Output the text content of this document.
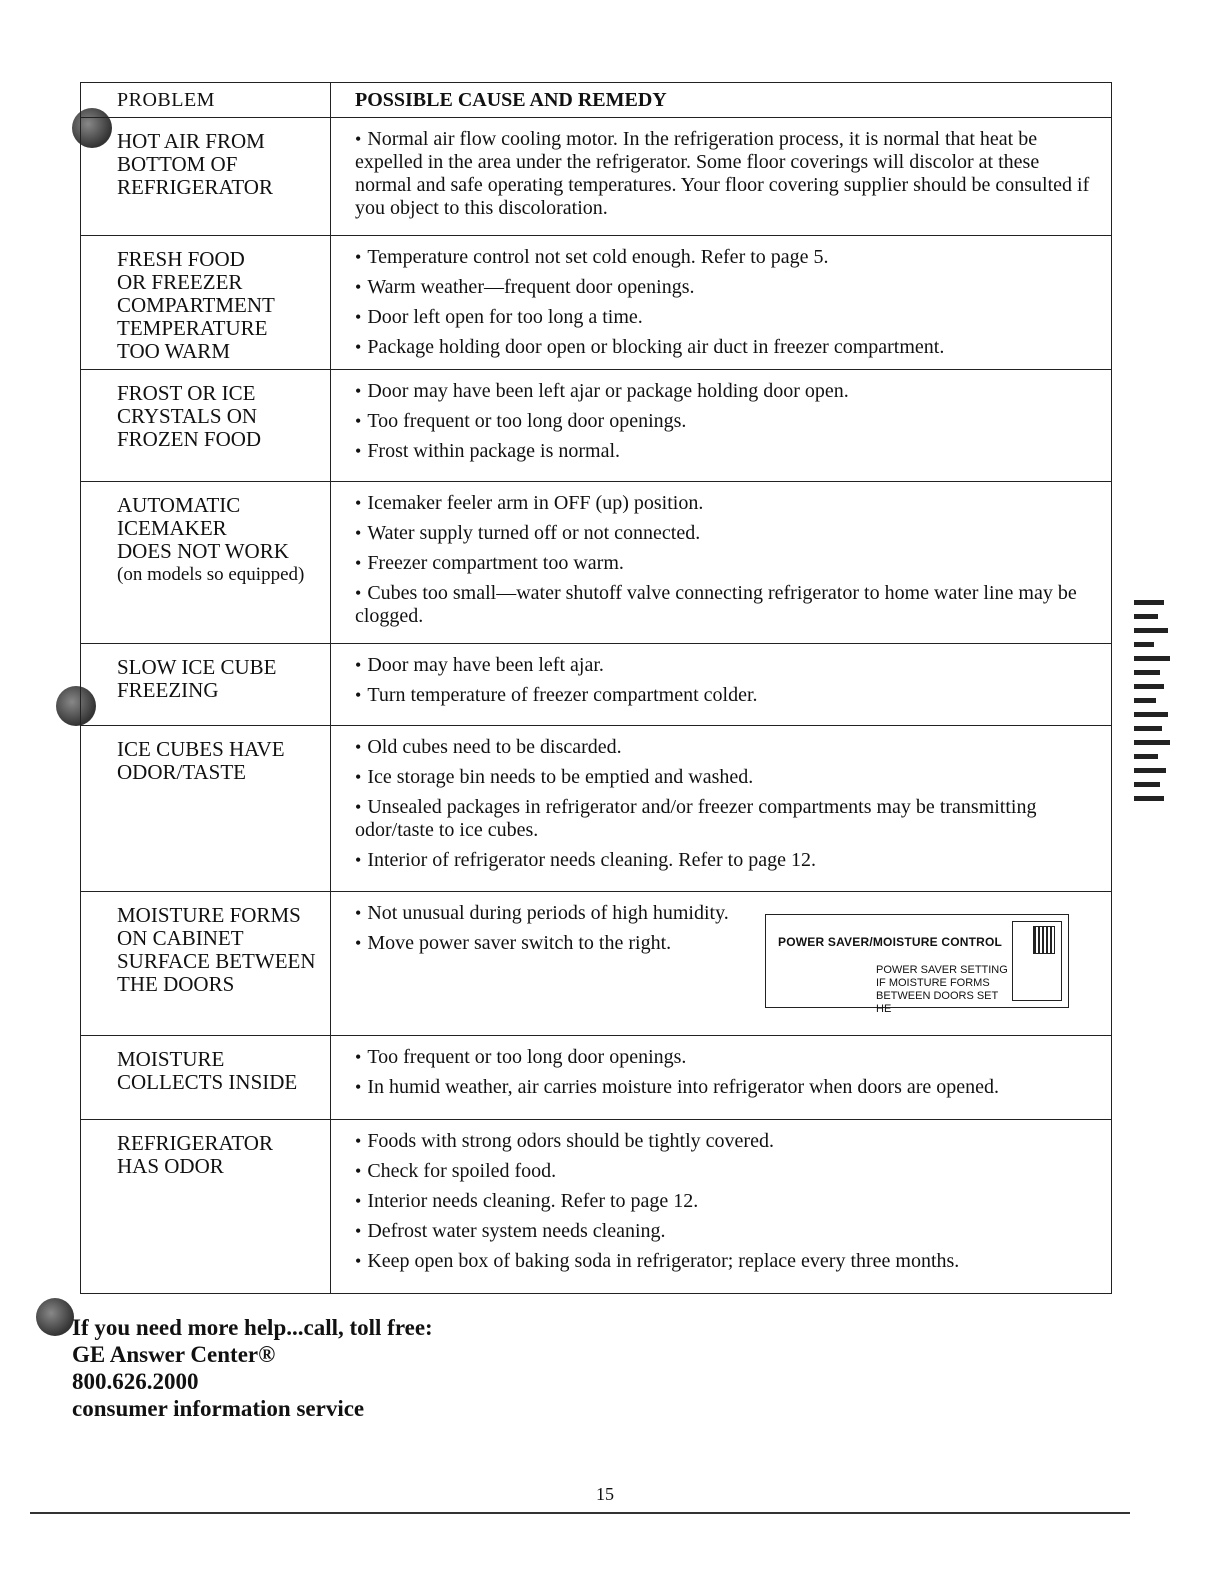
PROBLEM	POSSIBLE CAUSE AND REMEDY
HOT AIR FROM
BOTTOM OF
REFRIGERATOR
• Normal air flow cooling motor. In the refrigeration process, it is normal that heat be expelled in the area under the refrigerator. Some floor coverings will discolor at these normal and safe operating temperatures. Your floor covering supplier should be consulted if you object to this discoloration.
FRESH FOOD
OR FREEZER
COMPARTMENT
TEMPERATURE
TOO WARM
• Temperature control not set cold enough. Refer to page 5.
• Warm weather—frequent door openings.
• Door left open for too long a time.
• Package holding door open or blocking air duct in freezer compartment.
FROST OR ICE
CRYSTALS ON
FROZEN FOOD
• Door may have been left ajar or package holding door open.
• Too frequent or too long door openings.
• Frost within package is normal.
AUTOMATIC
ICEMAKER
DOES NOT WORK
(on models so equipped)
• Icemaker feeler arm in OFF (up) position.
• Water supply turned off or not connected.
• Freezer compartment too warm.
• Cubes too small—water shutoff valve connecting refrigerator to home water line may be clogged.
SLOW ICE CUBE
FREEZING
• Door may have been left ajar.
• Turn temperature of freezer compartment colder.
ICE CUBES HAVE
ODOR/TASTE
• Old cubes need to be discarded.
• Ice storage bin needs to be emptied and washed.
• Unsealed packages in refrigerator and/or freezer compartments may be transmitting odor/taste to ice cubes.
• Interior of refrigerator needs cleaning. Refer to page 12.
MOISTURE FORMS
ON CABINET
SURFACE BETWEEN
THE DOORS
• Not unusual during periods of high humidity.
• Move power saver switch to the right.	POWER SAVER/MOISTURE CONTROL
POWER SAVER SETTING
IF MOISTURE FORMS BETWEEN DOORS SET HE
MOISTURE
COLLECTS INSIDE
• Too frequent or too long door openings.
• In humid weather, air carries moisture into refrigerator when doors are opened.
REFRIGERATOR
HAS ODOR
• Foods with strong odors should be tightly covered.
• Check for spoiled food.
• Interior needs cleaning. Refer to page 12.
• Defrost water system needs cleaning.
• Keep open box of baking soda in refrigerator; replace every three months.
If you need more help...call, toll free:
GE Answer Center®
800.626.2000
consumer information service
15
